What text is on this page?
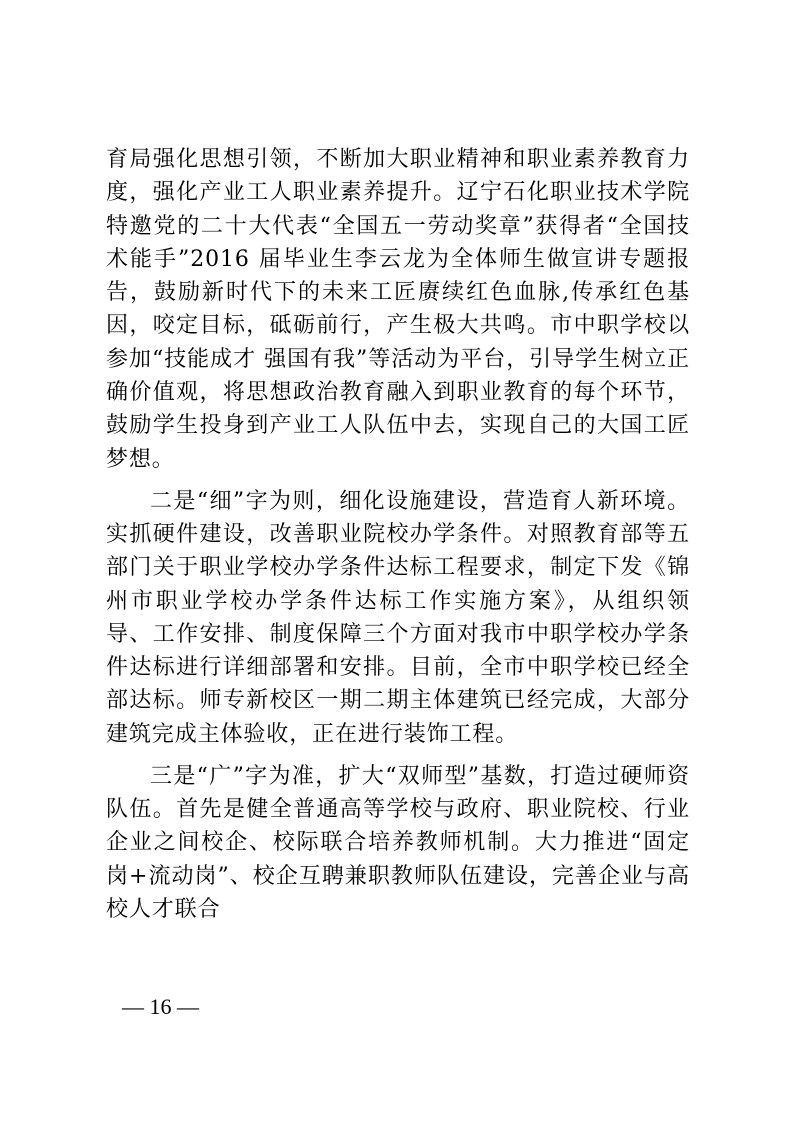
育局强化思想引领，不断加大职业精神和职业素养教育力度，强化产业工人职业素养提升。辽宁石化职业技术学院特邀党的二十大代表“全国五一劳动奖章”获得者“全国技术能手”2016 届毕业生李云龙为全体师生做宣讲专题报告，鼓励新时代下的未来工匠赓续红色血脉,传承红色基因，咬定目标，砥砺前行，产生极大共鸣。市中职学校以参加“技能成才 强国有我”等活动为平台，引导学生树立正确价值观，将思想政治教育融入到职业教育的每个环节，鼓励学生投身到产业工人队伍中去，实现自己的大国工匠梦想。

二是“细”字为则，细化设施建设，营造育人新环境。实抓硬件建设，改善职业院校办学条件。对照教育部等五部门关于职业学校办学条件达标工程要求，制定下发《锦州市职业学校办学条件达标工作实施方案》，从组织领导、工作安排、制度保障三个方面对我市中职学校办学条件达标进行详细部署和安排。目前，全市中职学校已经全部达标。师专新校区一期二期主体建筑已经完成，大部分建筑完成主体验收，正在进行装饰工程。

三是“广”字为准，扩大“双师型”基数，打造过硬师资队伍。首先是健全普通高等学校与政府、职业院校、行业企业之间校企、校际联合培养教师机制。大力推进“固定岗+流动岗”、校企互聘兼职教师队伍建设，完善企业与高校人才联合

— 16 —
